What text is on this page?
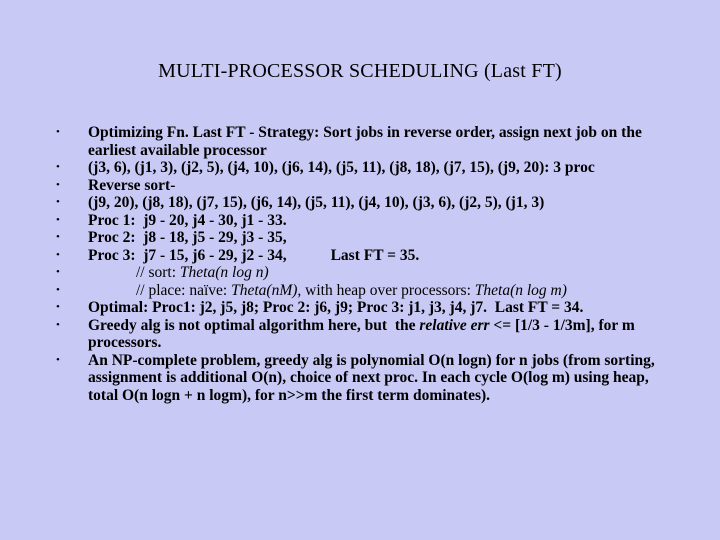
MULTI-PROCESSOR SCHEDULING (Last FT)
• Optimizing Fn. Last FT - Strategy: Sort jobs in reverse order, assign next job on the earliest available processor
• (j3, 6), (j1, 3), (j2, 5), (j4, 10), (j6, 14), (j5, 11), (j8, 18), (j7, 15), (j9, 20): 3 proc
• Reverse sort-
• (j9, 20), (j8, 18), (j7, 15), (j6, 14), (j5, 11), (j4, 10), (j3, 6), (j2, 5), (j1, 3)
• Proc 1:  j9 - 20, j4 - 30, j1 - 33.
• Proc 2:  j8 - 18, j5 - 29, j3 - 35,
• Proc 3:  j7 - 15, j6 - 29, j2 - 34,	Last FT = 35.
•	// sort: Theta(n log n)
•	// place: naïve: Theta(nM), with heap over processors: Theta(n log m)
• Optimal: Proc1: j2, j5, j8; Proc 2: j6, j9; Proc 3: j1, j3, j4, j7.  Last FT = 34.
• Greedy alg is not optimal algorithm here, but  the relative err <= [1/3 - 1/3m], for m processors.
• An NP-complete problem, greedy alg is polynomial O(n logn) for n jobs (from sorting, assignment is additional O(n), choice of next proc. In each cycle O(log m) using heap, total O(n logn + n logm), for n>>m the first term dominates).
